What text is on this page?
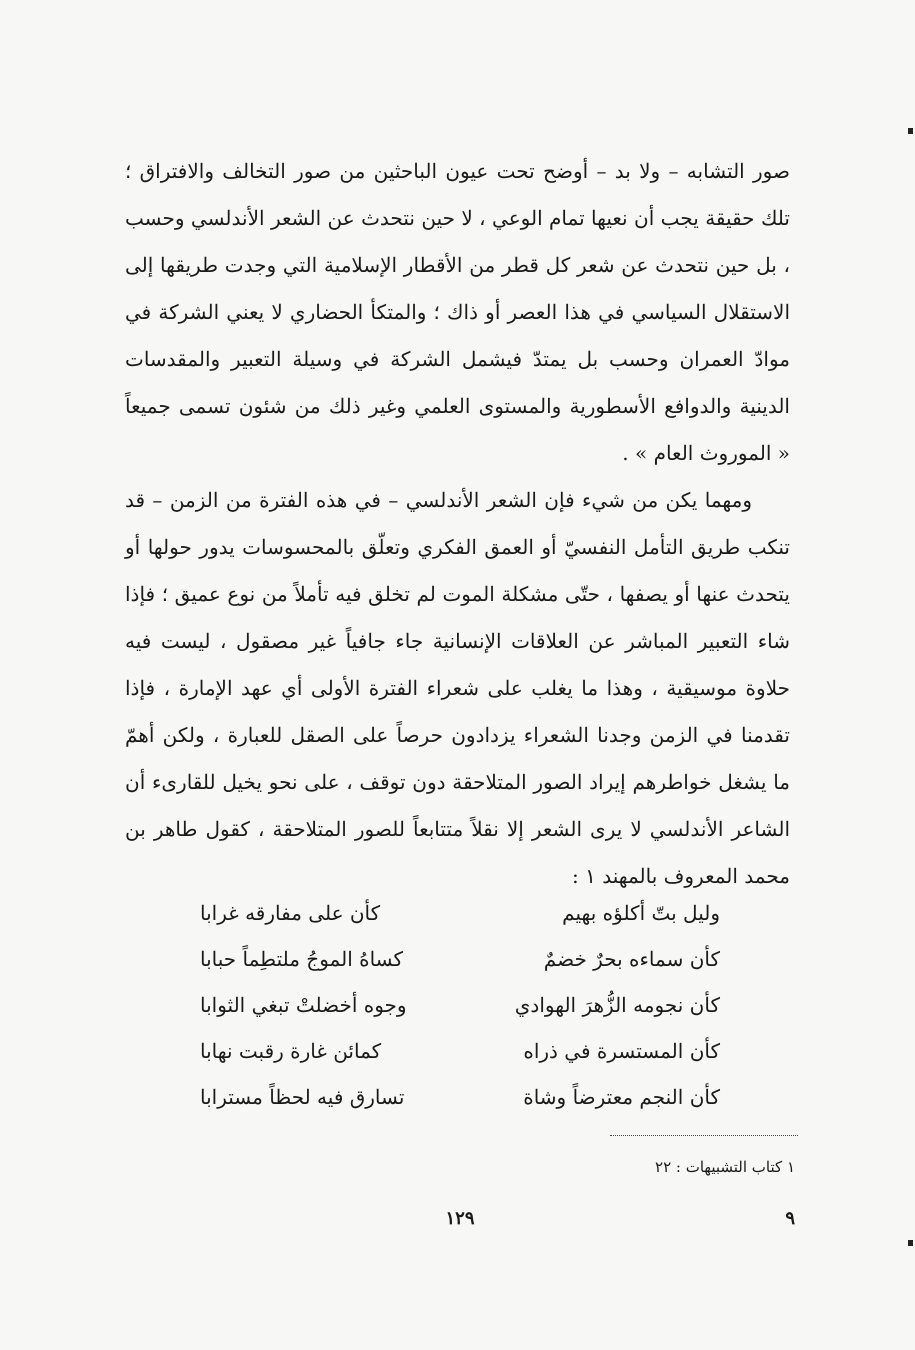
صور التشابه – ولا بد – أوضح تحت عيون الباحثين من صور التخالف والافتراق ؛ تلك حقيقة يجب أن نعيها تمام الوعي ، لا حين نتحدث عن الشعر الأندلسي وحسب ، بل حين نتحدث عن شعر كل قطر من الأقطار الإسلامية التي وجدت طريقها إلى الاستقلال السياسي في هذا العصر أو ذاك ؛ والمتكأ الحضاري لا يعني الشركة في موادّ العمران وحسب بل يمتدّ فيشمل الشركة في وسيلة التعبير والمقدسات الدينية والدوافع الأسطورية والمستوى العلمي وغير ذلك من شئون تسمى جميعاً « الموروث العام » .

ومهما يكن من شيء فإن الشعر الأندلسي – في هذه الفترة من الزمن – قد تنكب طريق التأمل النفسيّ أو العمق الفكري وتعلّق بالمحسوسات يدور حولها أو يتحدث عنها أو يصفها ، حتّى مشكلة الموت لم تخلق فيه تأملاً من نوع عميق ؛ فإذا شاء التعبير المباشر عن العلاقات الإنسانية جاء جافياً غير مصقول ، ليست فيه حلاوة موسيقية ، وهذا ما يغلب على شعراء الفترة الأولى أي عهد الإمارة ، فإذا تقدمنا في الزمن وجدنا الشعراء يزدادون حرصاً على الصقل للعبارة ، ولكن أهمّ ما يشغل خواطرهم إيراد الصور المتلاحقة دون توقف ، على نحو يخيل للقارىء أن الشاعر الأندلسي لا يرى الشعر إلا نقلاً متتابعاً للصور المتلاحقة ، كقول طاهر بن محمد المعروف بالمهند ١ :

وليل بتّ أكلؤه بهيم
كأن على مفارقه غرابا
كأن سماءه بحرٌ خضمٌ
كساهُ الموجُ ملتطِماً حبابا
كأن نجومه الزُّهرَ الهوادي
وجوه أخضلتْ تبغي الثوابا
كأن المستسرة في ذراه
كمائن غارة رقبت نهابا
كأن النجم معترضاً وشاة
تسارق فيه لحظاً مسترابا
١ كتاب التشبيهات : ٢٢
١٢٩	٩
